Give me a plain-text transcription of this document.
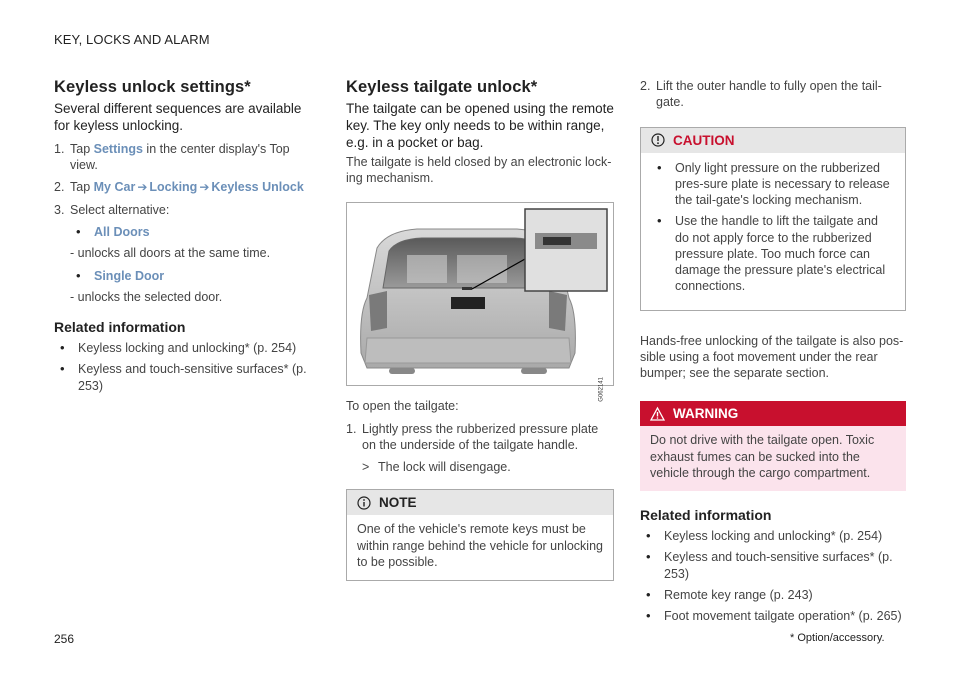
KEY, LOCKS AND ALARM
Keyless unlock settings*

Several different sequences are available for keyless unlocking.

1. Tap Settings in the center display's Top view.
2. Tap My Car ➔ Locking ➔ Keyless Unlock
3. Select alternative:
• All Doors
- unlocks all doors at the same time.
• Single Door
- unlocks the selected door.
Related information
• Keyless locking and unlocking* (p. 254)
• Keyless and touch-sensitive surfaces* (p. 253)
Keyless tailgate unlock*

The tailgate can be opened using the remote key. The key only needs to be within range, e.g. in a pocket or bag.

The tailgate is held closed by an electronic lock-ing mechanism.

G062141

To open the tailgate:

1. Lightly press the rubberized pressure plate on the underside of the tailgate handle.
> The lock will disengage.
NOTE
One of the vehicle's remote keys must be within range behind the vehicle for unlocking to be possible.
2. Lift the outer handle to fully open the tail-gate.
CAUTION
• Only light pressure on the rubberized pres-sure plate is necessary to release the tail-gate's locking mechanism.
• Use the handle to lift the tailgate and do not apply force to the rubberized pressure plate. Too much force can damage the pressure plate's electrical connections.

Hands-free unlocking of the tailgate is also pos-sible using a foot movement under the rear bumper; see the separate section.

WARNING
Do not drive with the tailgate open. Toxic exhaust fumes can be sucked into the vehicle through the cargo compartment.
Related information
• Keyless locking and unlocking* (p. 254)
• Keyless and touch-sensitive surfaces* (p. 253)
• Remote key range (p. 243)
• Foot movement tailgate operation* (p. 265)
256	* Option/accessory.
